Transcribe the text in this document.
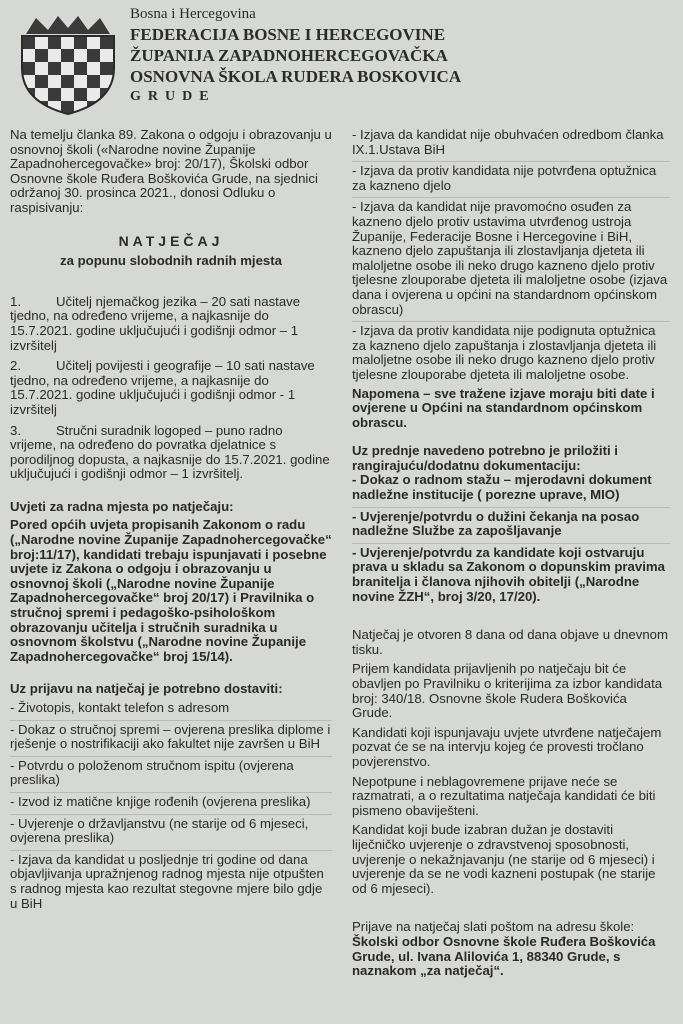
Bosna i Hercegovina
FEDERACIJA BOSNE I HERCEGOVINE
ŽUPANIJA ZAPADNOHERCEGOVAČKA
OSNOVNA ŠKOLA RUDERA BOSKOVICA
GRUDE

Na temelju članka 89. Zakona o odgoju i obrazovanju u osnovnoj školi («Narodne novine Županije Zapadnohercegovačke» broj: 20/17), Školski odbor Osnovne škole Ruđera Boškovića Grude, na sjednici održanoj 30. prosinca 2021., donosi Odluku o raspisivanju:

NATJEČAJ
za popunu slobodnih radnih mjesta
1.	Učitelj njemačkog jezika – 20 sati nastave tjedno, na određeno vrijeme, a najkasnije do 15.7.2021. godine uključujući i godišnji odmor – 1 izvršitelj
2.	Učitelj povijesti i geografije – 10 sati nastave tjedno, na određeno vrijeme, a najkasnije do 15.7.2021. godine uključujući i godišnji odmor - 1 izvršitelj
3.	Stručni suradnik logoped – puno radno vrijeme, na određeno do povratka djelatnice s porodiljnog dopusta, a najkasnije do 15.7.2021. godine uključujući i godišnji odmor – 1 izvršitelj.
Uvjeti za radna mjesta po natječaju:

Pored općih uvjeta propisanih Zakonom o radu („Narodne novine Županije Zapadnohercegovačke“ broj:11/17), kandidati trebaju ispunjavati i posebne uvjete iz Zakona o odgoju i obrazovanju u osnovnoj školi („Narodne novine Županije Zapadnohercegovačke“ broj 20/17) i Pravilnika o stručnoj spremi i pedagoško-psihološkom obrazovanju učitelja i stručnih suradnika u osnovnom školstvu („Narodne novine Županije Zapadnohercegovačke“ broj 15/14).

Uz prijavu na natječaj je potrebno dostaviti:
- Životopis, kontakt telefon s adresom
- Dokaz o stručnoj spremi – ovjerena preslika diplome i rješenje o nostrifikaciji ako fakultet nije završen u BiH
- Potvrdu o položenom stručnom ispitu (ovjerena preslika)
- Izvod iz matične knjige rođenih (ovjerena preslika)
- Uvjerenje o državljanstvu (ne starije od 6 mjeseci, ovjerena preslika)
- Izjava da kandidat u posljednje tri godine od dana objavljivanja upražnjenog radnog mjesta nije otpušten s radnog mjesta kao rezultat stegovne mjere bilo gdje u BiH
- Izjava da kandidat nije obuhvaćen odredbom članka IX.1.Ustava BiH
- Izjava da protiv kandidata nije potvrđena optužnica za kazneno djelo
- Izjava da kandidat nije pravomoćno osuđen za kazneno djelo protiv ustavima utvrđenog ustroja Županije, Federacije Bosne i Hercegovine i BiH, kazneno djelo zapuštanja ili zlostavljanja djeteta ili maloljetne osobe ili neko drugo kazneno djelo protiv tjelesne zlouporabe djeteta ili maloljetne osobe (izjava dana i ovjerena u općini na standardnom općinskom obrascu)
- Izjava da protiv kandidata nije podignuta optužnica za kazneno djelo zapuštanja i zlostavljanja djeteta ili maloljetne osobe ili neko drugo kazneno djelo protiv tjelesne zlouporabe djeteta ili maloljetne osobe.

Napomena – sve tražene izjave moraju biti date i ovjerene u Općini na standardnom općinskom obrascu.

Uz prednje navedeno potrebno je priložiti i rangirajuću/dodatnu dokumentaciju:
- Dokaz o radnom stažu – mjerodavni dokument nadležne institucije ( porezne uprave, MIO)
- Uvjerenje/potvrdu o dužini čekanja na posao nadležne Službe za zapošljavanje
- Uvjerenje/potvrdu za kandidate koji ostvaruju prava u skladu sa Zakonom o dopunskim pravima branitelja i članova njihovih obitelji („Narodne novine ŽZH“, broj 3/20, 17/20).

Natječaj je otvoren 8 dana od dana objave u dnevnom tisku.

Prijem kandidata prijavljenih po natječaju bit će obavljen po Pravilniku o kriterijima za izbor kandidata broj: 340/18. Osnovne škole Rudera Boškovića Grude.

Kandidati koji ispunjavaju uvjete utvrđene natječajem pozvat će se na intervju kojeg će provesti tročlano povjerenstvo.

Nepotpune i neblagovremene prijave neće se razmatrati, a o rezultatima natječaja kandidati će biti pismeno obaviješteni.

Kandidat koji bude izabran dužan je dostaviti liječničko uvjerenje o zdravstvenoj sposobnosti, uvjerenje o nekažnjavanju (ne starije od 6 mjeseci) i uvjerenje da se ne vodi kazneni postupak (ne starije od 6 mjeseci).

Prijave na natječaj slati poštom na adresu škole: Školski odbor Osnovne škole Ruđera Boškovića Grude, ul. Ivana Alilovića 1, 88340 Grude, s naznakom „za natječaj“.
